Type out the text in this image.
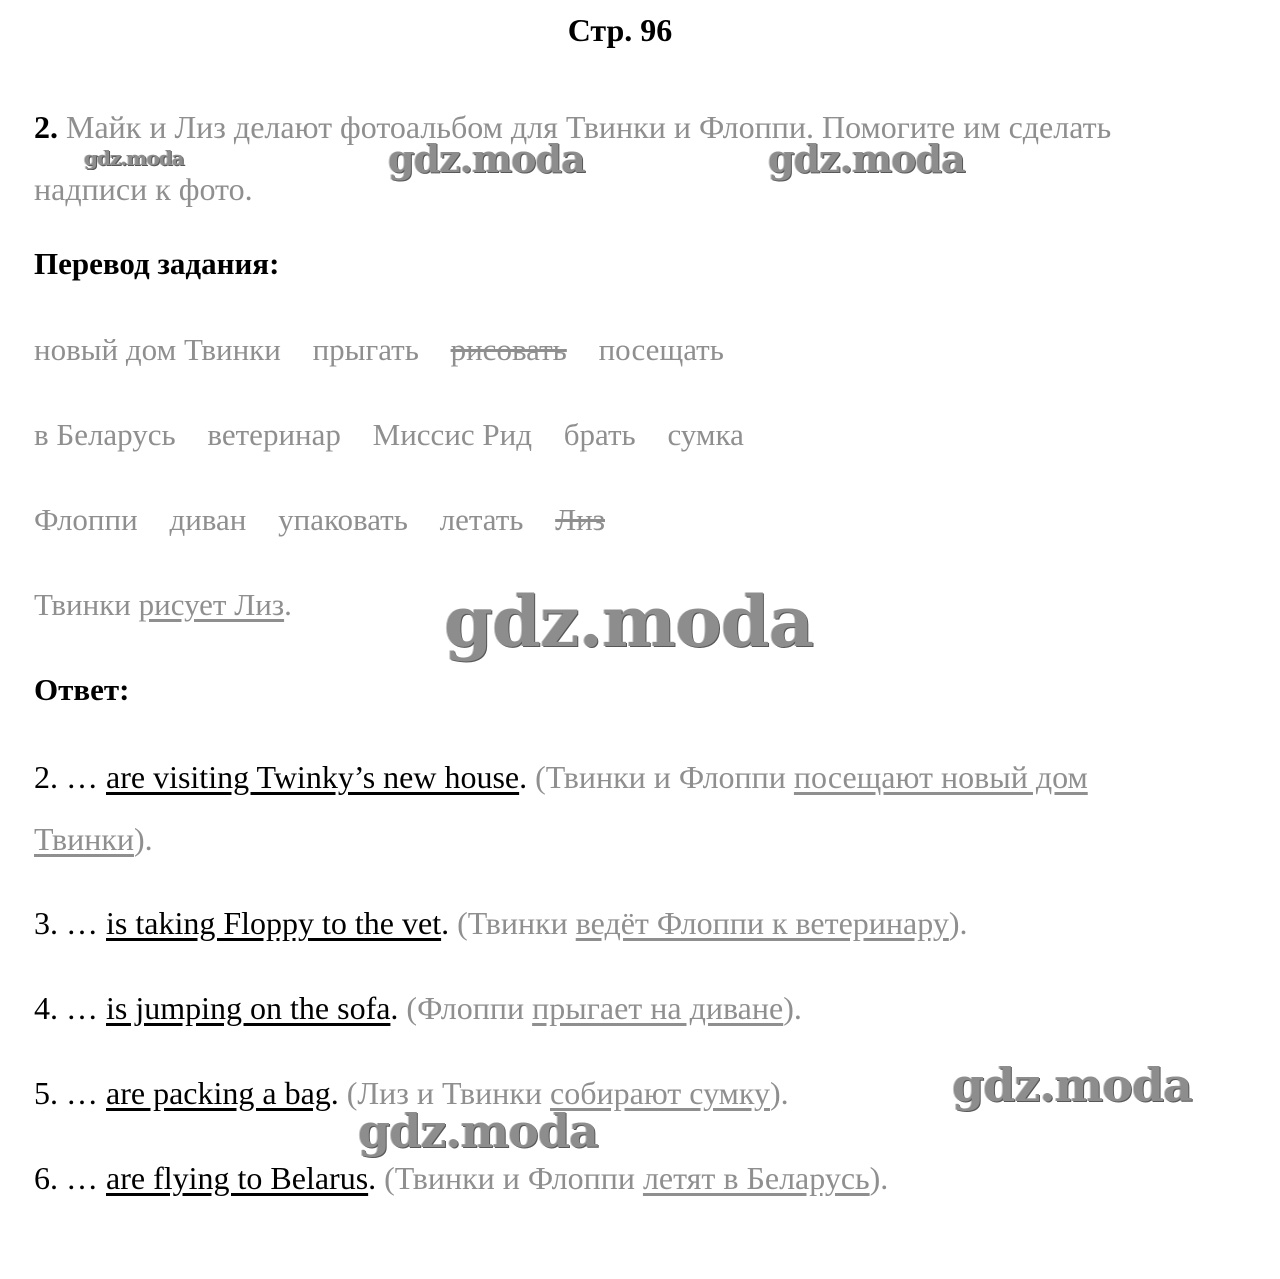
Стр. 96
2. Майк и Лиз делают фотоальбом для Твинки и Флоппи. Помогите им сделать надписи к фото.
Перевод задания:
новый дом Твинки прыгать рисовать посещать
в Беларусь ветеринар Миссис Рид брать сумка
Флоппи диван упаковать летать Лиз
Твинки рисует Лиз.
Ответ:
2. … are visiting Twinky’s new house. (Твинки и Флоппи посещают новый дом Твинки).
3. … is taking Floppy to the vet. (Твинки ведёт Флоппи к ветеринару).
4. … is jumping on the sofa. (Флоппи прыгает на диване).
5. … are packing a bag. (Лиз и Твинки собирают сумку).
6. … are flying to Belarus. (Твинки и Флоппи летят в Беларусь).
gdz.moda	gdz.moda	gdz.moda
gdz.moda
gdz.moda
gdz.moda
